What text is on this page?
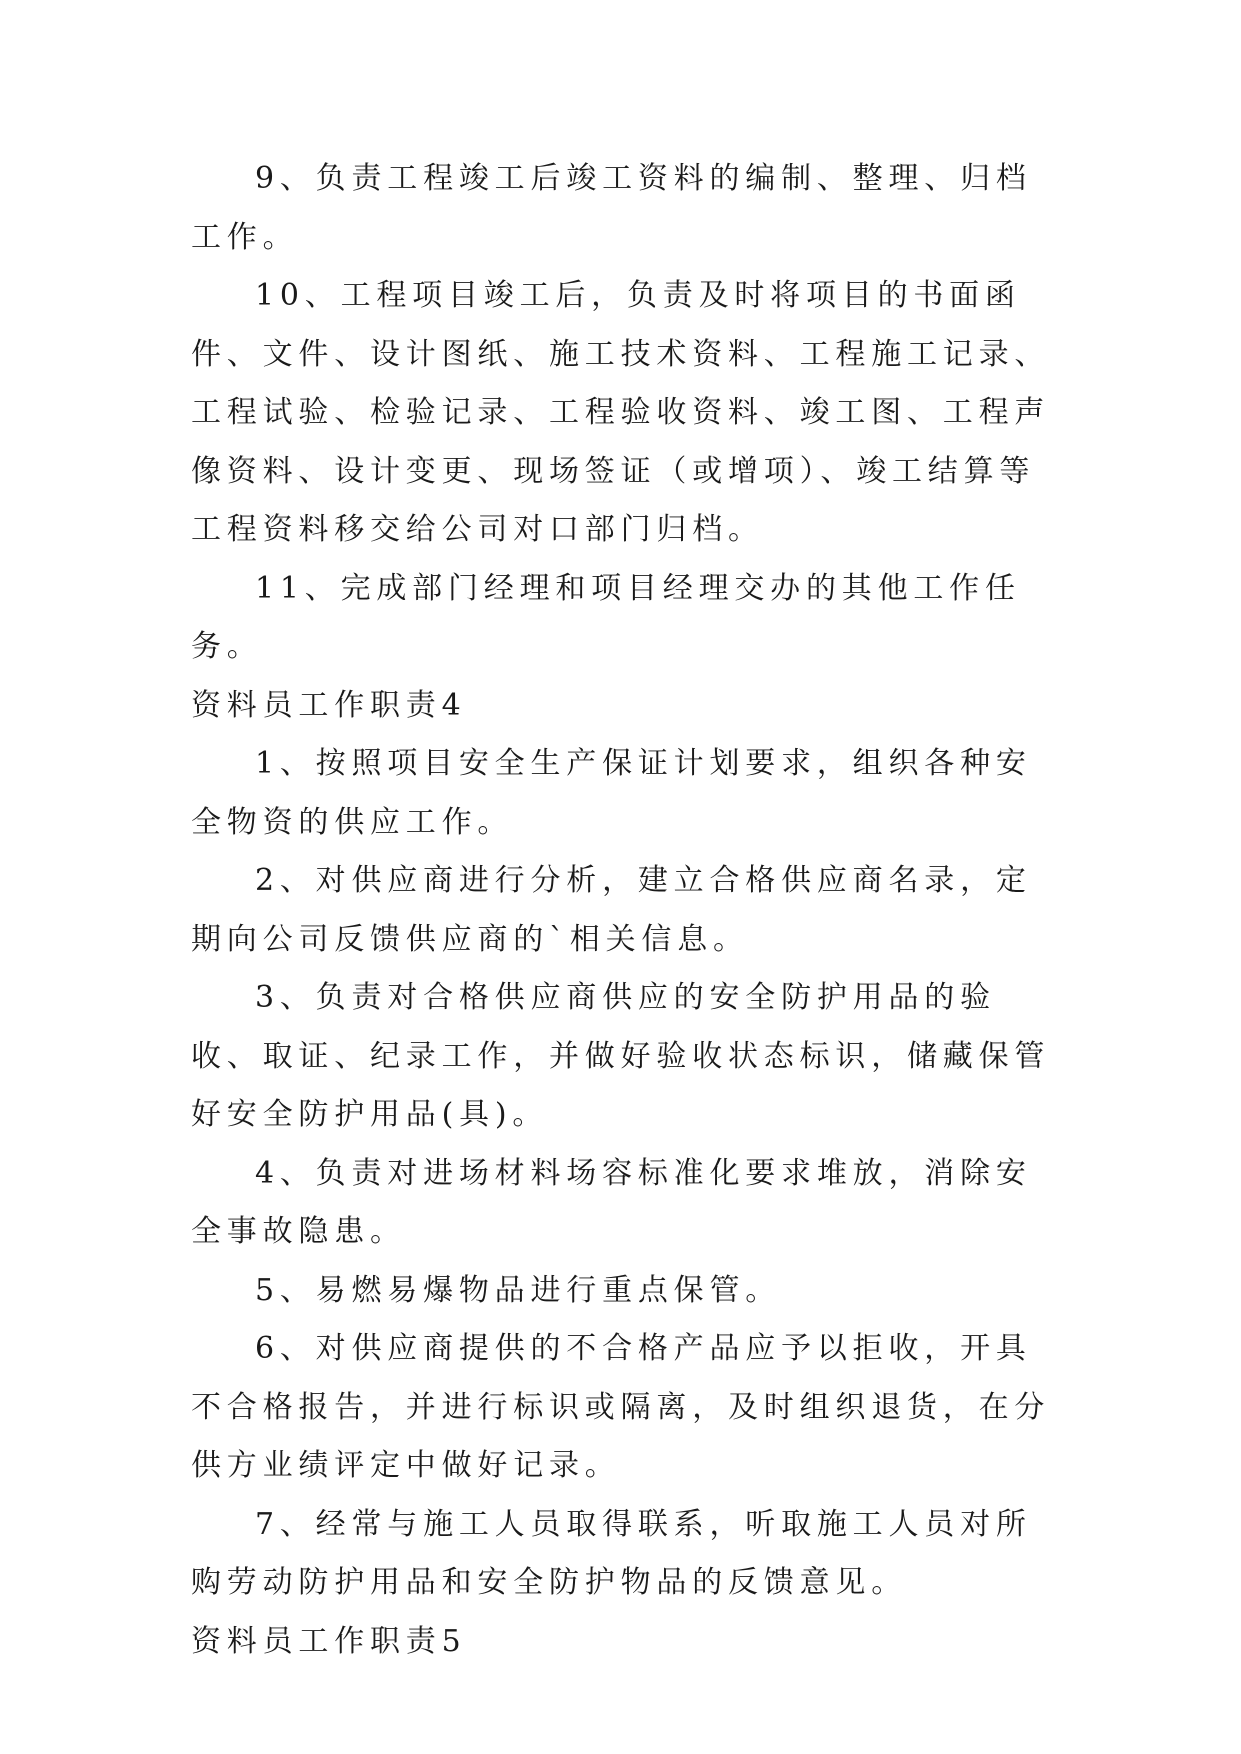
9、负责工程竣工后竣工资料的编制、整理、归档工作。

10、工程项目竣工后，负责及时将项目的书面函件、文件、设计图纸、施工技术资料、工程施工记录、工程试验、检验记录、工程验收资料、竣工图、工程声像资料、设计变更、现场签证（或增项）、竣工结算等工程资料移交给公司对口部门归档。

11、完成部门经理和项目经理交办的其他工作任务。

资料员工作职责4

1、按照项目安全生产保证计划要求，组织各种安全物资的供应工作。

2、对供应商进行分析，建立合格供应商名录，定期向公司反馈供应商的`相关信息。

3、负责对合格供应商供应的安全防护用品的验收、取证、纪录工作，并做好验收状态标识，储藏保管好安全防护用品(具)。

4、负责对进场材料场容标准化要求堆放，消除安全事故隐患。

5、易燃易爆物品进行重点保管。

6、对供应商提供的不合格产品应予以拒收，开具不合格报告，并进行标识或隔离，及时组织退货，在分供方业绩评定中做好记录。

7、经常与施工人员取得联系，听取施工人员对所购劳动防护用品和安全防护物品的反馈意见。

资料员工作职责5
